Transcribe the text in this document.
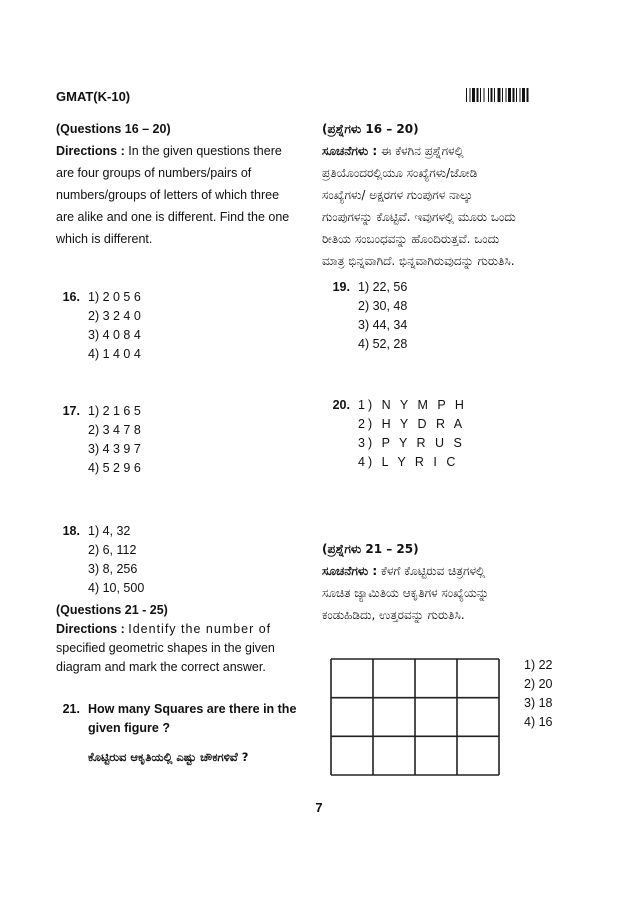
GMAT(K-10)
(Questions 16 – 20)
Directions : In the given questions there
are four groups of numbers/pairs of
numbers/groups of letters of which three
are alike and one is different. Find the one
which is different.
(ಪ್ರಶ್ನೆಗಳು 16 – 20)
ಸೂಚನೆಗಳು : ಈ ಕೆಳಗಿನ ಪ್ರಶ್ನೆಗಳಲ್ಲಿ
ಪ್ರತಿಯೊಂದರಲ್ಲಿಯೂ ಸಂಖ್ಯೆಗಳು/ಜೋಡಿ
ಸಂಖ್ಯೆಗಳು/ ಅಕ್ಷರಗಳ ಗುಂಪುಗಳ ನಾಲ್ಕು
ಗುಂಪುಗಳನ್ನು ಕೊಟ್ಟಿವೆ. ಇವುಗಳಲ್ಲಿ ಮೂರು ಒಂದು
ರೀತಿಯ ಸಂಬಂಧವನ್ನು ಹೊಂದಿರುತ್ತವೆ. ಒಂದು
ಮಾತ್ರ ಭಿನ್ನವಾಗಿದೆ. ಭಿನ್ನವಾಗಿರುವುದನ್ನು ಗುರುತಿಸಿ.
16. 1) 2 0 5 6
2) 3 2 4 0
3) 4 0 8 4
4) 1 4 0 4
17. 1) 2 1 6 5
2) 3 4 7 8
3) 4 3 9 7
4) 5 2 9 6
18. 1) 4, 32
2) 6, 112
3) 8, 256
4) 10, 500
19. 1) 22, 56
2) 30, 48
3) 44, 34
4) 52, 28
20. 1) N Y M P H
2) H Y D R A
3) P Y R U S
4) L Y R I C
(Questions 21 - 25)
Directions : Identify the number of
specified geometric shapes in the given
diagram and mark the correct answer.
(ಪ್ರಶ್ನೆಗಳು 21 – 25)
ಸೂಚನೆಗಳು : ಕೆಳಗೆ ಕೊಟ್ಟಿರುವ ಚಿತ್ರಗಳಲ್ಲಿ
ಸೂಚಿತ ಜ್ಯಾಮಿತಿಯ ಆಕೃತಿಗಳ ಸಂಖ್ಯೆಯನ್ನು
ಕಂಡುಹಿಡಿದು, ಉತ್ತರವನ್ನು ಗುರುತಿಸಿ.
21. How many Squares are there in the
given figure ?
ಕೊಟ್ಟಿರುವ ಆಕೃತಿಯಲ್ಲಿ ಎಷ್ಟು ಚೌಕಗಳಿವೆ ?
1) 22
2) 20
3) 18
4) 16
7
